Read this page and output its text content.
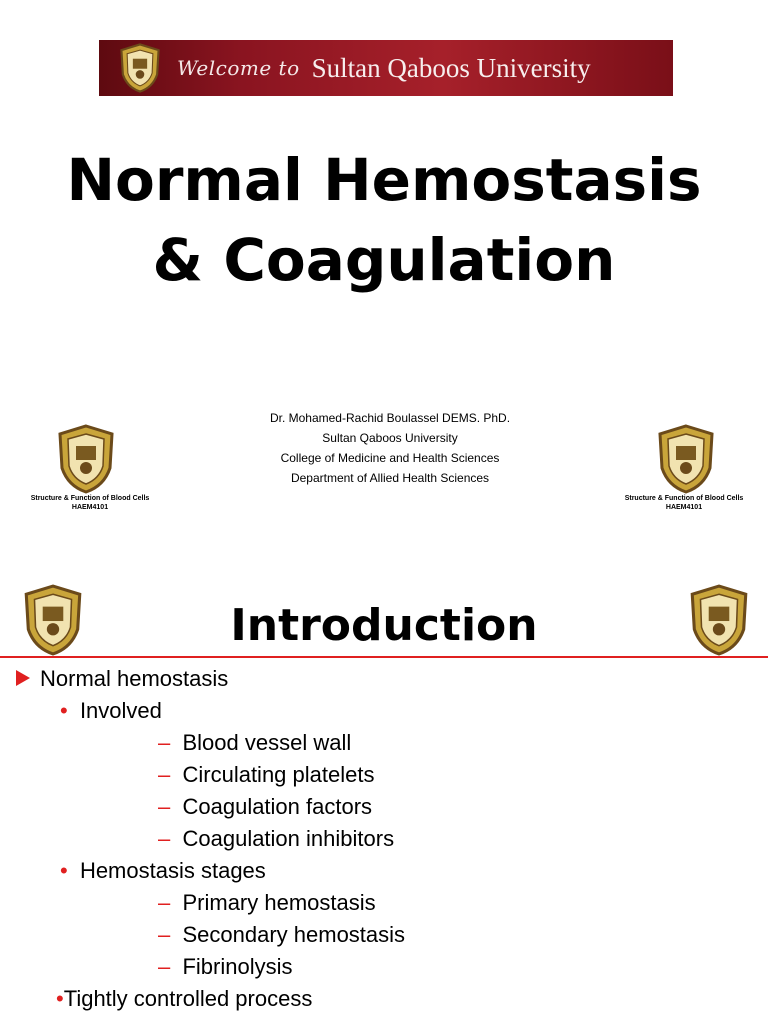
Welcome to Sultan Qaboos University
Normal Hemostasis
& Coagulation
Dr. Mohamed-Rachid Boulassel DEMS. PhD.
Sultan Qaboos University
College of Medicine and Health Sciences
Department of Allied Health Sciences
Structure & Function of Blood Cells
HAEM4101
Structure & Function of Blood Cells
HAEM4101
Introduction
Normal hemostasis
• Involved
– Blood vessel wall
– Circulating platelets
– Coagulation factors
– Coagulation inhibitors
• Hemostasis stages
– Primary hemostasis
– Secondary hemostasis
– Fibrinolysis
•Tightly controlled process
